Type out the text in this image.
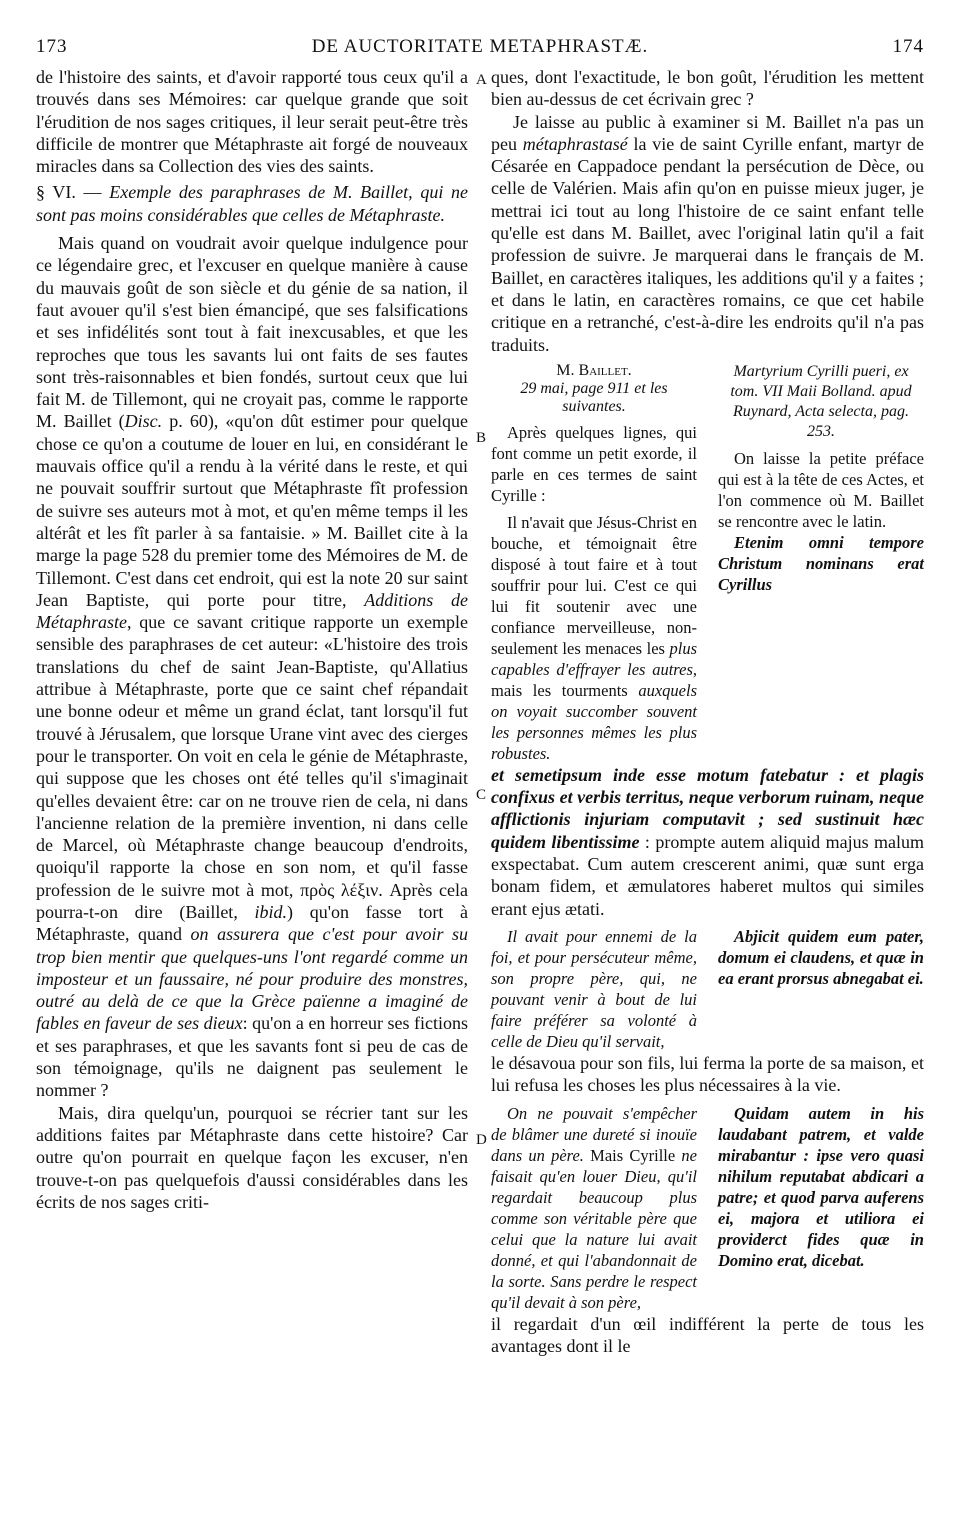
173	DE AUCTORITATE METAPHRASTÆ.	174
A
B
C
D

de l'histoire des saints, et d'avoir rapporté tous ceux qu'il a trouvés dans ses Mémoires: car quelque grande que soit l'érudition de nos sages critiques, il leur serait peut-être très difficile de montrer que Métaphraste ait forgé de nouveaux miracles dans sa Collection des vies des saints.

§ VI. — Exemple des paraphrases de M. Baillet, qui ne sont pas moins considérables que celles de Métaphraste.

Mais quand on voudrait avoir quelque indulgence pour ce légendaire grec, et l'excuser en quelque manière à cause du mauvais goût de son siècle et du génie de sa nation, il faut avouer qu'il s'est bien émancipé, que ses falsifications et ses infidélités sont tout à fait inexcusables, et que les reproches que tous les savants lui ont faits de ses fautes sont très-raisonnables et bien fondés, surtout ceux que lui fait M. de Tillemont, qui ne croyait pas, comme le rapporte M. Baillet (Disc. p. 60), «qu'on dût estimer pour quelque chose ce qu'on a coutume de louer en lui, en considérant le mauvais office qu'il a rendu à la vérité dans le reste, et qui ne pouvait souffrir surtout que Métaphraste fît profession de suivre ses auteurs mot à mot, et qu'en même temps il les altérât et les fît parler à sa fantaisie. » M. Baillet cite à la marge la page 528 du premier tome des Mémoires de M. de Tillemont. C'est dans cet endroit, qui est la note 20 sur saint Jean Baptiste, qui porte pour titre, Additions de Métaphraste, que ce savant critique rapporte un exemple sensible des paraphrases de cet auteur: «L'histoire des trois translations du chef de saint Jean-Baptiste, qu'Allatius attribue à Métaphraste, porte que ce saint chef répandait une bonne odeur et même un grand éclat, tant lorsqu'il fut trouvé à Jérusalem, que lorsque Urane vint avec des cierges pour le transporter. On voit en cela le génie de Métaphraste, qui suppose que les choses ont été telles qu'il s'imaginait qu'elles devaient être: car on ne trouve rien de cela, ni dans l'ancienne relation de la première invention, ni dans celle de Marcel, où Métaphraste change beaucoup d'endroits, quoiqu'il rapporte la chose en son nom, et qu'il fasse profession de le suivre mot à mot, πρὸς λέξιν. Après cela pourra-t-on dire (Baillet, ibid.) qu'on fasse tort à Métaphraste, quand on assurera que c'est pour avoir su trop bien mentir que quelques-uns l'ont regardé comme un imposteur et un faussaire, né pour produire des monstres, outré au delà de ce que la Grèce païenne a imaginé de fables en faveur de ses dieux: qu'on a en horreur ses fictions et ses paraphrases, et que les savants font si peu de cas de son témoignage, qu'ils ne daignent pas seulement le nommer ?

Mais, dira quelqu'un, pourquoi se récrier tant sur les additions faites par Métaphraste dans cette histoire? Car outre qu'on pourrait en quelque façon les excuser, n'en trouve-t-on pas quelquefois d'aussi considérables dans les écrits de nos sages criti-

ques, dont l'exactitude, le bon goût, l'érudition les mettent bien au-dessus de cet écrivain grec ?

Je laisse au public à examiner si M. Baillet n'a pas un peu métaphrastasé la vie de saint Cyrille enfant, martyr de Césarée en Cappadoce pendant la persécution de Dèce, ou celle de Valérien. Mais afin qu'on en puisse mieux juger, je mettrai ici tout au long l'histoire de ce saint enfant telle qu'elle est dans M. Baillet, avec l'original latin qu'il a fait profession de suivre. Je marquerai dans le français de M. Baillet, en caractères italiques, les additions qu'il y a faites ; et dans le latin, en caractères romains, ce que cet habile critique en a retranché, c'est-à-dire les endroits qu'il n'a pas traduits.

M. Baillet.

29 mai, page 911 et les suivantes.

Après quelques lignes, qui font comme un petit exorde, il parle en ces termes de saint Cyrille :

Il n'avait que Jésus-Christ en bouche, et témoignait être disposé à tout faire et à tout souffrir pour lui. C'est ce qui lui fit soutenir avec une confiance merveilleuse, non-seulement les menaces les plus capables d'effrayer les autres, mais les tourments auxquels on voyait succomber souvent les personnes mêmes les plus robustes.

Martyrium Cyrilli pueri, ex tom. VII Maii Bolland. apud Ruynard, Acta selecta, pag. 253.

On laisse la petite préface qui est à la tête de ces Actes, et l'on commence où M. Baillet se rencontre avec le latin.

Etenim omni tempore Christum nominans erat Cyrillus

et semetipsum inde esse motum fatebatur : et plagis confixus et verbis territus, neque verborum ruinam, neque afflictionis injuriam computavit ; sed sustinuit hæc quidem libentissime : prompte autem aliquid majus malum exspectabat. Cum autem crescerent animi, quæ sunt erga bonam fidem, et æmulatores haberet multos qui similes erant ejus ætati.

Il avait pour ennemi de la foi, et pour persécuteur même, son propre père, qui, ne pouvant venir à bout de lui faire préférer sa volonté à celle de Dieu qu'il servait,

Abjicit quidem eum pater, domum ei claudens, et quæ in ea erant prorsus abnegabat ei.

le désavoua pour son fils, lui ferma la porte de sa maison, et lui refusa les choses les plus nécessaires à la vie.

On ne pouvait s'empêcher de blâmer une dureté si inouïe dans un père. Mais Cyrille ne faisait qu'en louer Dieu, qu'il regardait beaucoup plus comme son véritable père que celui que la nature lui avait donné, et qui l'abandonnait de la sorte. Sans perdre le respect qu'il devait à son père,

Quidam autem in his laudabant patrem, et valde mirabantur : ipse vero quasi nihilum reputabat abdicari a patre; et quod parva auferens ei, majora et utiliora ei providerct fides quæ in Domino erat, dicebat.

il regardait d'un œil indifférent la perte de tous les avantages dont il le
